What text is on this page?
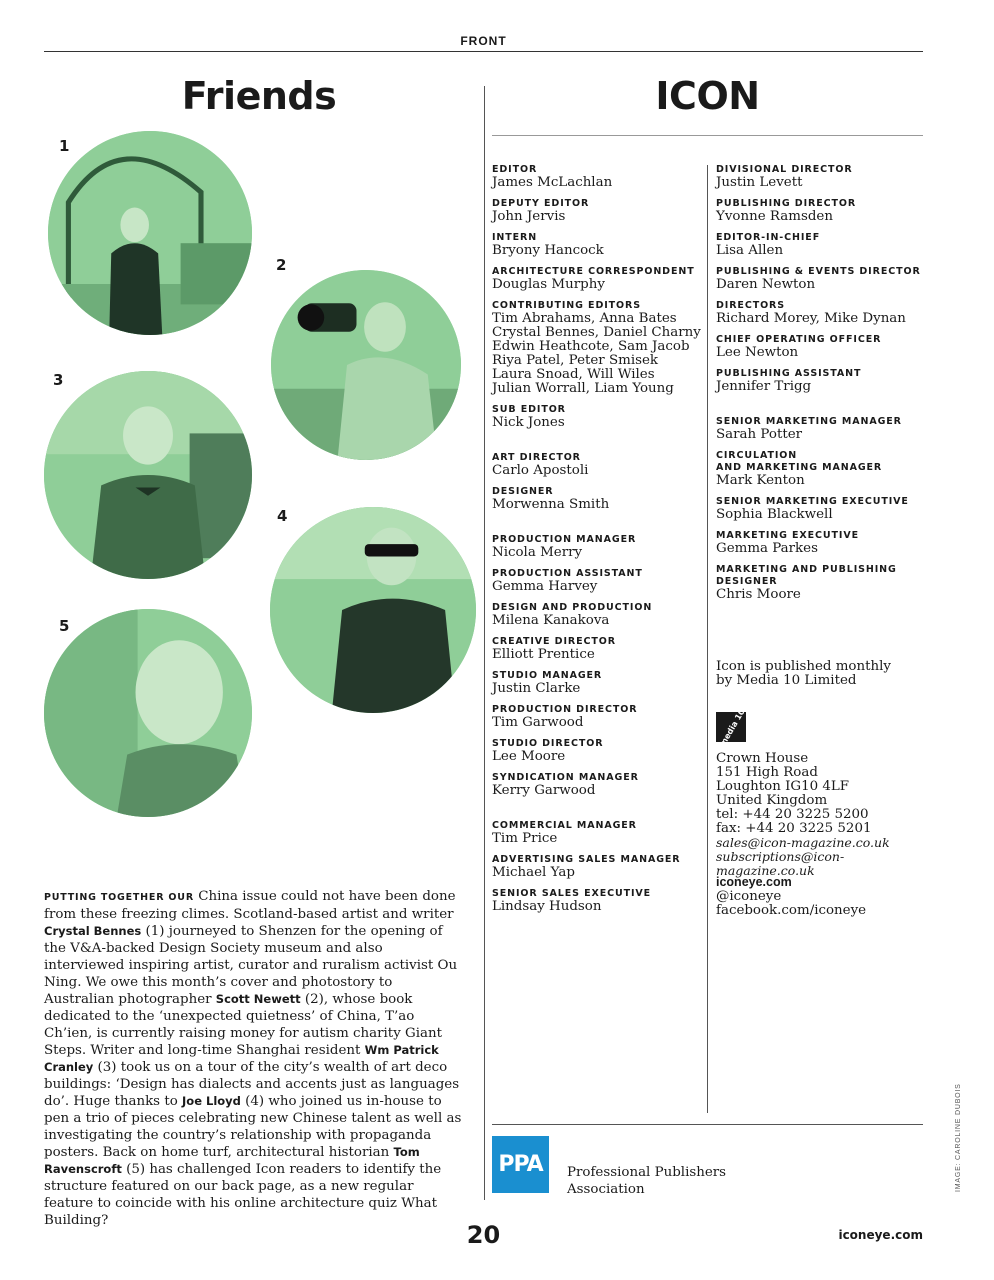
FRONT
Friends	ICON
1
2
3
4
5
PUTTING TOGETHER OUR China issue could not have been done from these freezing climes. Scotland-based artist and writer Crystal Bennes (1) journeyed to Shenzen for the opening of the V&A-backed Design Society museum and also interviewed inspiring artist, curator and ruralism activist Ou Ning. We owe this month’s cover and photostory to Australian photographer Scott Newett (2), whose book dedicated to the ‘unexpected quietness’ of China, T’ao Ch’ien, is currently raising money for autism charity Giant Steps. Writer and long-time Shanghai resident Wm Patrick Cranley (3) took us on a tour of the city’s wealth of art deco buildings: ‘Design has dialects and accents just as languages do’. Huge thanks to Joe Lloyd (4) who joined us in-house to pen a trio of pieces celebrating new Chinese talent as well as investigating the country’s relationship with propaganda posters. Back on home turf, architectural historian Tom Ravenscroft (5) has challenged Icon readers to identify the structure featured on our back page, as a new regular feature to coincide with his online architecture quiz What Building?
EDITOR
James McLachlan
DEPUTY EDITOR
John Jervis
INTERN
Bryony Hancock
ARCHITECTURE CORRESPONDENT
Douglas Murphy
CONTRIBUTING EDITORS
Tim Abrahams, Anna Bates
Crystal Bennes, Daniel Charny
Edwin Heathcote, Sam Jacob
Riya Patel, Peter Smisek
Laura Snoad, Will Wiles
Julian Worrall, Liam Young
SUB EDITOR
Nick Jones
ART DIRECTOR
Carlo Apostoli
DESIGNER
Morwenna Smith
PRODUCTION MANAGER
Nicola Merry
PRODUCTION ASSISTANT
Gemma Harvey
DESIGN AND PRODUCTION
Milena Kanakova
CREATIVE DIRECTOR
Elliott Prentice
STUDIO MANAGER
Justin Clarke
PRODUCTION DIRECTOR
Tim Garwood
STUDIO DIRECTOR
Lee Moore
SYNDICATION MANAGER
Kerry Garwood
COMMERCIAL MANAGER
Tim Price
ADVERTISING SALES MANAGER
Michael Yap
SENIOR SALES EXECUTIVE
Lindsay Hudson
DIVISIONAL DIRECTOR
Justin Levett
PUBLISHING DIRECTOR
Yvonne Ramsden
EDITOR-IN-CHIEF
Lisa Allen
PUBLISHING & EVENTS DIRECTOR
Daren Newton
DIRECTORS
Richard Morey, Mike Dynan
CHIEF OPERATING OFFICER
Lee Newton
PUBLISHING ASSISTANT
Jennifer Trigg
SENIOR MARKETING MANAGER
Sarah Potter
CIRCULATION
AND MARKETING MANAGER
Mark Kenton
SENIOR MARKETING EXECUTIVE
Sophia Blackwell
MARKETING EXECUTIVE
Gemma Parkes
MARKETING AND PUBLISHING
DESIGNER
Chris Moore
Icon is published monthly
by Media 10 Limited
media 10
Crown House
151 High Road
Loughton IG10 4LF
United Kingdom
tel: +44 20 3225 5200
fax: +44 20 3225 5201
sales@icon-magazine.co.uk
subscriptions@icon-magazine.co.uk
iconeye.com
@iconeye
facebook.com/iconeye
PPA	Professional Publishers
Association
20	iconeye.com
IMAGE: CAROLINE DUBOIS
